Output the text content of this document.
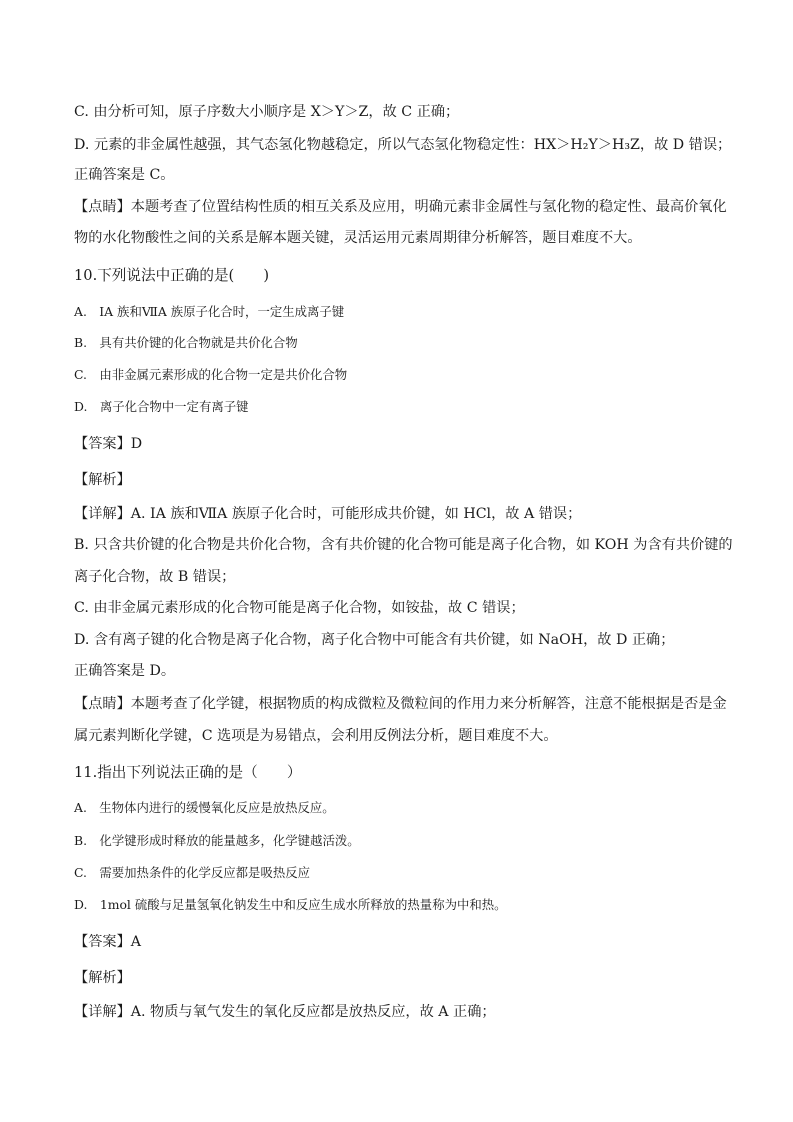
C. 由分析可知，原子序数大小顺序是 X＞Y＞Z，故 C 正确；
D. 元素的非金属性越强，其气态氢化物越稳定，所以气态氢化物稳定性：HX＞H₂Y＞H₃Z，故 D 错误；
正确答案是 C。
【点睛】本题考查了位置结构性质的相互关系及应用，明确元素非金属性与氢化物的稳定性、最高价氧化
物的水化物酸性之间的关系是解本题关键，灵活运用元素周期律分析解答，题目难度不大。
10.下列说法中正确的是(　　)
A.　IA 族和ⅦA 族原子化合时，一定生成离子键
B.　具有共价键的化合物就是共价化合物
C.　由非金属元素形成的化合物一定是共价化合物
D.　离子化合物中一定有离子键
【答案】D
【解析】
【详解】A. ⅠA 族和ⅦA 族原子化合时，可能形成共价键，如 HCl，故 A 错误；
B. 只含共价键的化合物是共价化合物，含有共价键的化合物可能是离子化合物，如 KOH 为含有共价键的
离子化合物，故 B 错误；
C. 由非金属元素形成的化合物可能是离子化合物，如铵盐，故 C 错误；
D. 含有离子键的化合物是离子化合物，离子化合物中可能含有共价键，如 NaOH，故 D 正确；
正确答案是 D。
【点睛】本题考查了化学键，根据物质的构成微粒及微粒间的作用力来分析解答，注意不能根据是否是金
属元素判断化学键，C 选项是为易错点，会利用反例法分析，题目难度不大。
11.指出下列说法正确的是（　　）
A.　生物体内进行的缓慢氧化反应是放热反应。
B.　化学键形成时释放的能量越多，化学键越活泼。
C.　需要加热条件的化学反应都是吸热反应
D.　1mol 硫酸与足量氢氧化钠发生中和反应生成水所释放的热量称为中和热。
【答案】A
【解析】
【详解】A. 物质与氧气发生的氧化反应都是放热反应，故 A 正确；
